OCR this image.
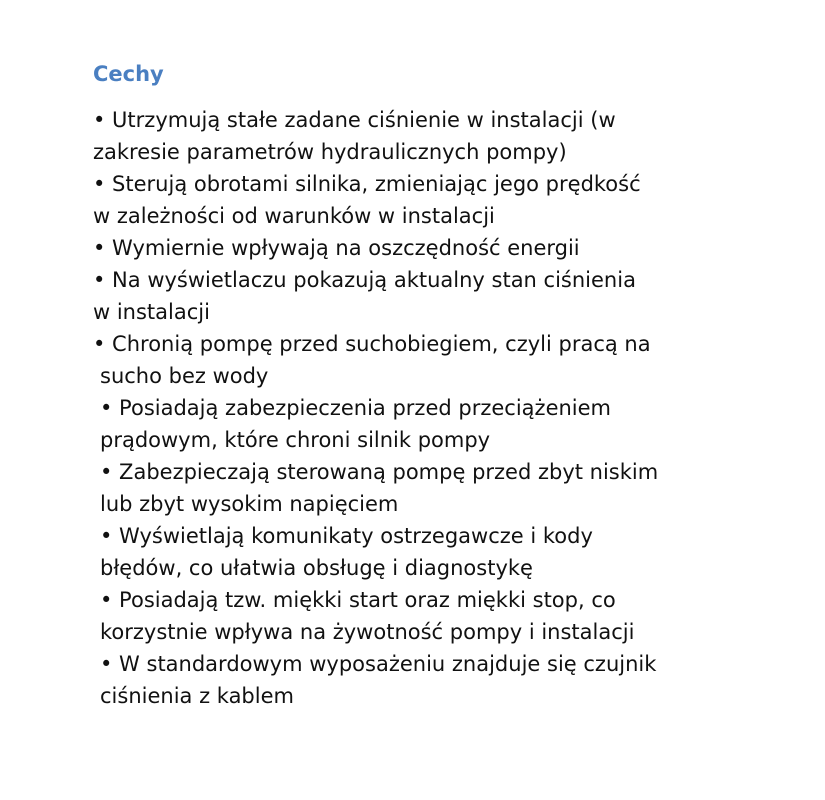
Cechy
• Utrzymują stałe zadane ciśnienie w instalacji (w
zakresie parametrów hydraulicznych pompy)
• Sterują obrotami silnika, zmieniając jego prędkość
w zależności od warunków w instalacji
• Wymiernie wpływają na oszczędność energii
• Na wyświetlaczu pokazują aktualny stan ciśnienia
w instalacji
• Chronią pompę przed suchobiegiem, czyli pracą na
sucho bez wody
• Posiadają zabezpieczenia przed przeciążeniem
prądowym, które chroni silnik pompy
• Zabezpieczają sterowaną pompę przed zbyt niskim
lub zbyt wysokim napięciem
• Wyświetlają komunikaty ostrzegawcze i kody
błędów, co ułatwia obsługę i diagnostykę
• Posiadają tzw. miękki start oraz miękki stop, co
korzystnie wpływa na żywotność pompy i instalacji
• W standardowym wyposażeniu znajduje się czujnik
ciśnienia z kablem
